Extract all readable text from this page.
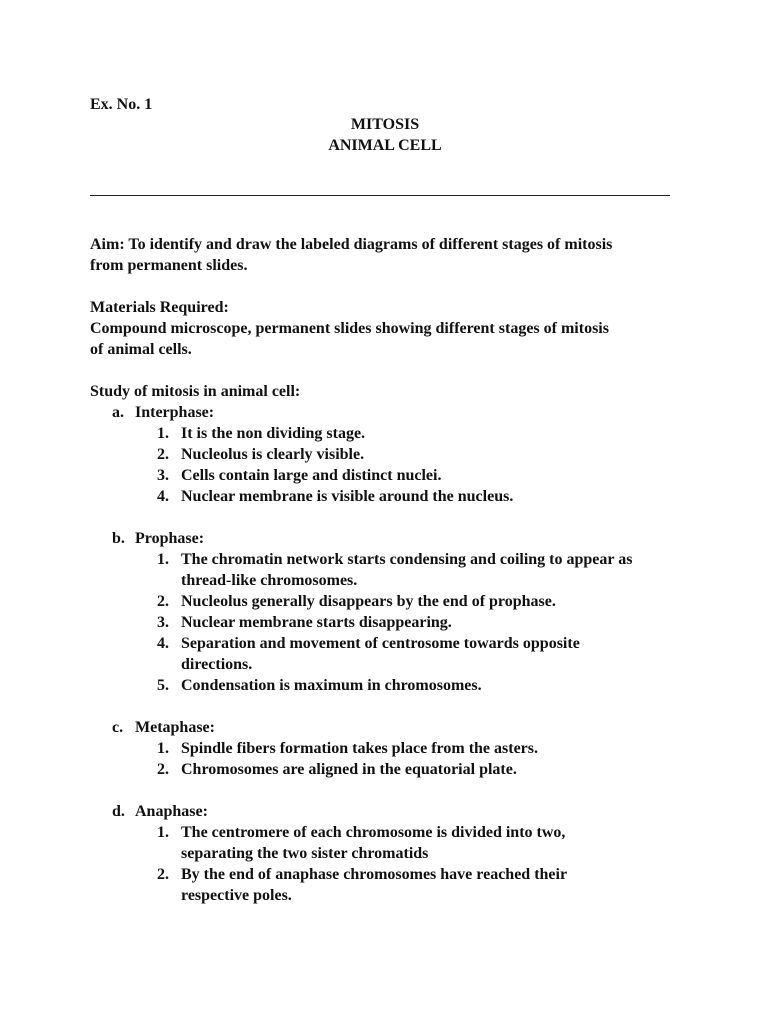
Ex. No. 1
MITOSIS
ANIMAL CELL

Aim: To identify and draw the labeled diagrams of different stages of mitosis

from permanent slides.

Materials Required:

Compound microscope, permanent slides showing different stages of mitosis

of animal cells.

Study of mitosis in animal cell:

a. Interphase:
1. It is the non dividing stage.
2. Nucleolus is clearly visible.
3. Cells contain large and distinct nuclei.
4. Nuclear membrane is visible around the nucleus.
b. Prophase:
1. The chromatin network starts condensing and coiling to appear as
thread-like chromosomes.
2. Nucleolus generally disappears by the end of prophase.
3. Nuclear membrane starts disappearing.
4. Separation and movement of centrosome towards opposite
directions.
5. Condensation is maximum in chromosomes.
c. Metaphase:
1. Spindle fibers formation takes place from the asters.
2. Chromosomes are aligned in the equatorial plate.
d. Anaphase:
1. The centromere of each chromosome is divided into two,
separating the two sister chromatids
2. By the end of anaphase chromosomes have reached their
respective poles.
